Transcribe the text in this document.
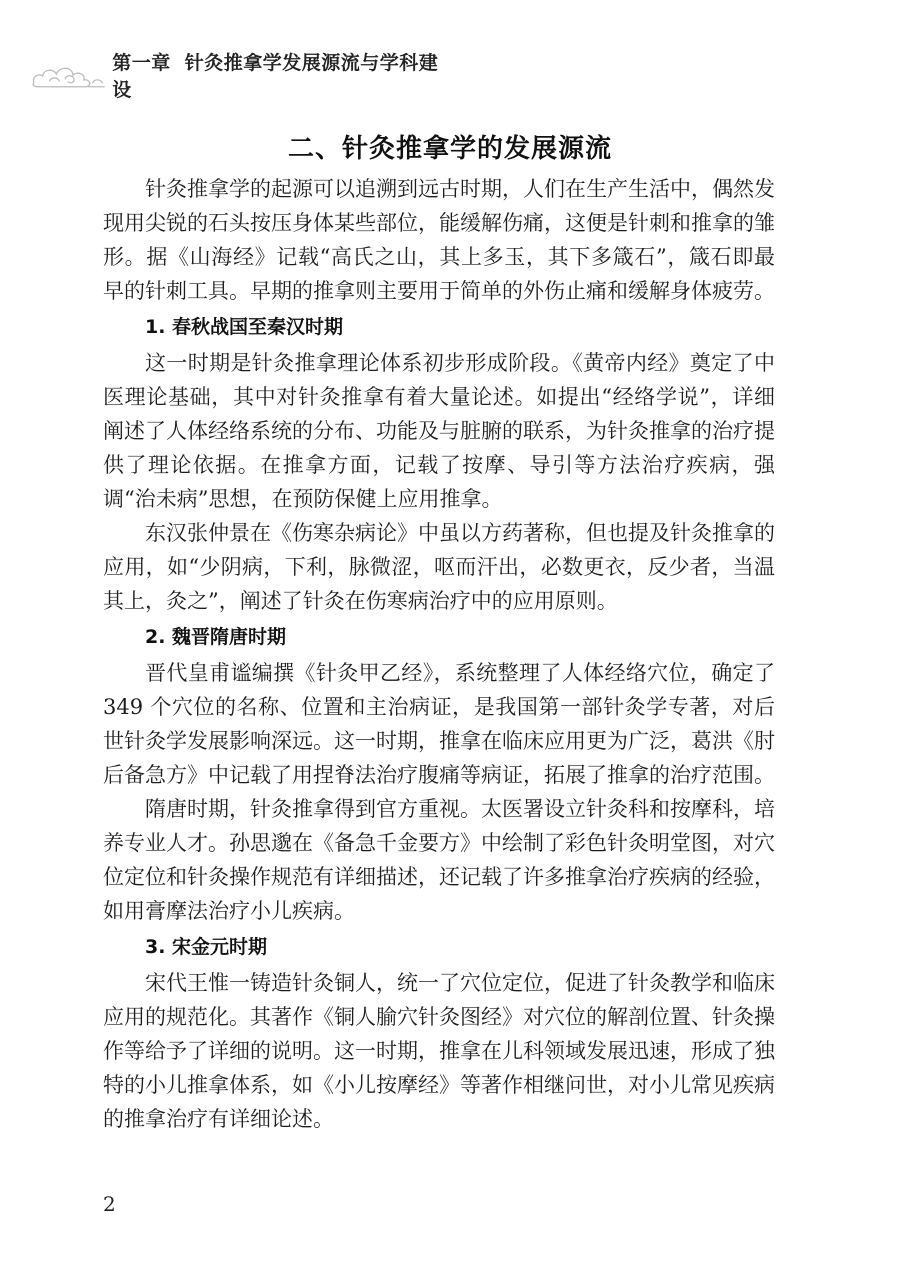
第一章 针灸推拿学发展源流与学科建设
二、针灸推拿学的发展源流

针灸推拿学的起源可以追溯到远古时期，人们在生产生活中，偶然发现用尖锐的石头按压身体某些部位，能缓解伤痛，这便是针刺和推拿的雏形。据《山海经》记载“高氏之山，其上多玉，其下多箴石”，箴石即最早的针刺工具。早期的推拿则主要用于简单的外伤止痛和缓解身体疲劳。

1. 春秋战国至秦汉时期

这一时期是针灸推拿理论体系初步形成阶段。《黄帝内经》奠定了中医理论基础，其中对针灸推拿有着大量论述。如提出“经络学说”，详细阐述了人体经络系统的分布、功能及与脏腑的联系，为针灸推拿的治疗提供了理论依据。在推拿方面，记载了按摩、导引等方法治疗疾病，强调“治未病”思想，在预防保健上应用推拿。

东汉张仲景在《伤寒杂病论》中虽以方药著称，但也提及针灸推拿的应用，如“少阴病，下利，脉微涩，呕而汗出，必数更衣，反少者，当温其上，灸之”，阐述了针灸在伤寒病治疗中的应用原则。

2. 魏晋隋唐时期

晋代皇甫谧编撰《针灸甲乙经》，系统整理了人体经络穴位，确定了 349 个穴位的名称、位置和主治病证，是我国第一部针灸学专著，对后世针灸学发展影响深远。这一时期，推拿在临床应用更为广泛，葛洪《肘后备急方》中记载了用捏脊法治疗腹痛等病证，拓展了推拿的治疗范围。

隋唐时期，针灸推拿得到官方重视。太医署设立针灸科和按摩科，培养专业人才。孙思邈在《备急千金要方》中绘制了彩色针灸明堂图，对穴位定位和针灸操作规范有详细描述，还记载了许多推拿治疗疾病的经验，如用膏摩法治疗小儿疾病。

3. 宋金元时期

宋代王惟一铸造针灸铜人，统一了穴位定位，促进了针灸教学和临床应用的规范化。其著作《铜人腧穴针灸图经》对穴位的解剖位置、针灸操作等给予了详细的说明。这一时期，推拿在儿科领域发展迅速，形成了独特的小儿推拿体系，如《小儿按摩经》等著作相继问世，对小儿常见疾病的推拿治疗有详细论述。

2
